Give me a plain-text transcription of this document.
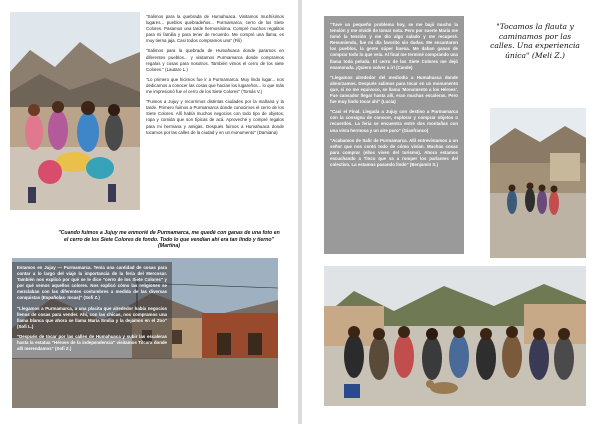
"Salimos para la quebrada de Humahuaca. Visitamos muchísimos lugares... pueblos quebradeños... Purmamarca, cerro de los Siete Colores. Pasamos una tarde hermosísima. Compré muchos regalitos para mi familia y para tener de recuerdo. Me compré una llama, es muy tierna jaja. Casi todos compramos una" (Fili)

"Salimos para la quebrada de Humahuaca donde paramos en diferentes pueblos... y visitamos Purmamarca donde compramos regalos y cosas para nosotros. También vimos el cerro de los siete Colores." (Lautaro L.)

"Lo primero que hicimos fue ir a Purmamarca. Muy lindo lugar... nos dedicamos a conocer las cosas que hacían los lugareños... lo que más me impresionó fue el cerro de los Siete Colores" (Tomás V.)

"Fuimos a Jujuy y recorrimos distintas ciudades por la mañana y la tarde. Primero fuimos a Purmamarca donde conocimos el cerro de los Siete Colores. Allí había muchos negocios con todo tipo de objetos, ropa y comida que son típicas de acá. Aproveché y compré regalos para mi hermana y amigas. Después fuimos a Humahuaca donde tocamos por las calles de la ciudad y en un monumento" (Damiana)

"Cuando fuimos a Jujuy me enmorié de Purmamarca, me quedé con ganas de una foto en el cerro de los Siete Colores de fondo. Todo lo que vendían ahí era tan lindo y tierno" (Martina)

Estamos en Jujuy — Purmamarca. Tenía una cantidad de cosas para contar a lo largo del viaje la importancia de la feria del Mercosur. También nos explicó por qué se le dice "cerro de los Siete Colores" y por qué vemos aquellos colores. Nos explicó cómo las religiones se mezclaban con las diferentes costumbres a medida de las diversas conquistas (Españolas- Incas)" (Sofi Z.)

"Llegamos a Purmamarca, a una placita que alrededor había negocios llenos de cosas para vender. Ahí, con las chicas, nos compramos una llama blanca que ahora se llama María Emilia y la dejamos en el Zoo" (Sofi L.)

"Después de tocar por las calles de Humahuaca y subir las escaleras hasta la estatua "Héroes de la independencia" visitamos Tilcara donde allí merendamos" (Sofi Z.)

"Tuve un pequeño problema hoy, se me bajó mucho la tensión y me olvidé de tomar nota. Pero por suerte María me tomó la tensión y me dio algo salado y me recuperé. Resumiendo, fue mi día favorito sin dudas. Me encantaron los pueblos, la gente súper buena. Me daban ganas de comprar todo lo que veía. Al final me terminé comprando una llama toda peluda. El cerro de los Siete Colores me dejó enamorada. ¡Quiero volver a ir! (Cande)

"Llegamos alrededor del mediodía a Humahuaca donde almorzamos. Después salimos para tocar en un monumento que, si no me equivoco, se llama 'Monumento a los Héroes'. Fue cansador llegar hasta allí, eran muchas escaleras. Pero fue muy lindo tocar ahí" (Lucía)

"Casi el Final. Llegada a Jujuy con destino a Purmamarca con la consigna de conocer, explorar y comprar objetos o recuerdos. La feria se encuentra entre dos montañas con una vista hermosa y un aire puro" (Gianfranco)

"Acabamos de Salir de Purmamarca. Allí entrevistamos a un señor que nos contó todo de cómo vivían. Muchas cosas para comprar (ellos viven del turismo). Ahora estamos escuchando a Tinco que va a romper los parlantes del colectivo. La estamos pasando lindo" (Benjamín S.)

"Tocamos la flauta y caminamos por las calles. Una experiencia única" (Meli Z.)
